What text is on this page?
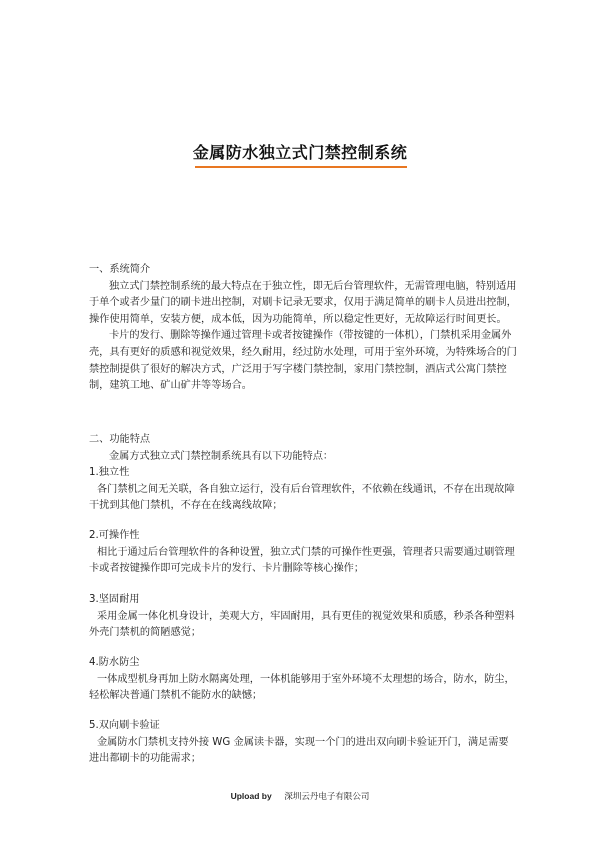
金属防水独立式门禁控制系统
一、系统简介

独立式门禁控制系统的最大特点在于独立性，即无后台管理软件，无需管理电脑，特别适用于单个或者少量门的刷卡进出控制，对刷卡记录无要求，仅用于满足简单的刷卡人员进出控制，操作使用简单，安装方便，成本低，因为功能简单，所以稳定性更好，无故障运行时间更长。

卡片的发行、删除等操作通过管理卡或者按键操作（带按键的一体机），门禁机采用金属外壳，具有更好的质感和视觉效果，经久耐用，经过防水处理，可用于室外环境，为特殊场合的门禁控制提供了很好的解决方式，广泛用于写字楼门禁控制，家用门禁控制，酒店式公寓门禁控制，建筑工地、矿山矿井等等场合。

二、功能特点

金属方式独立式门禁控制系统具有以下功能特点：

1.独立性

各门禁机之间无关联，各自独立运行，没有后台管理软件，不依赖在线通讯，不存在出现故障干扰到其他门禁机，不存在在线离线故障；

2.可操作性

相比于通过后台管理软件的各种设置，独立式门禁的可操作性更强，管理者只需要通过刷管理卡或者按键操作即可完成卡片的发行、卡片删除等核心操作；

3.坚固耐用

采用金属一体化机身设计，美观大方，牢固耐用，具有更佳的视觉效果和质感，秒杀各种塑料外壳门禁机的简陋感觉；

4.防水防尘

一体成型机身再加上防水隔离处理，一体机能够用于室外环境不太理想的场合，防水，防尘，轻松解决普通门禁机不能防水的缺憾；

5.双向刷卡验证

金属防水门禁机支持外接 WG 金属读卡器，实现一个门的进出双向刷卡验证开门，满足需要进出都刷卡的功能需求；

Upload by 深圳云丹电子有限公司
